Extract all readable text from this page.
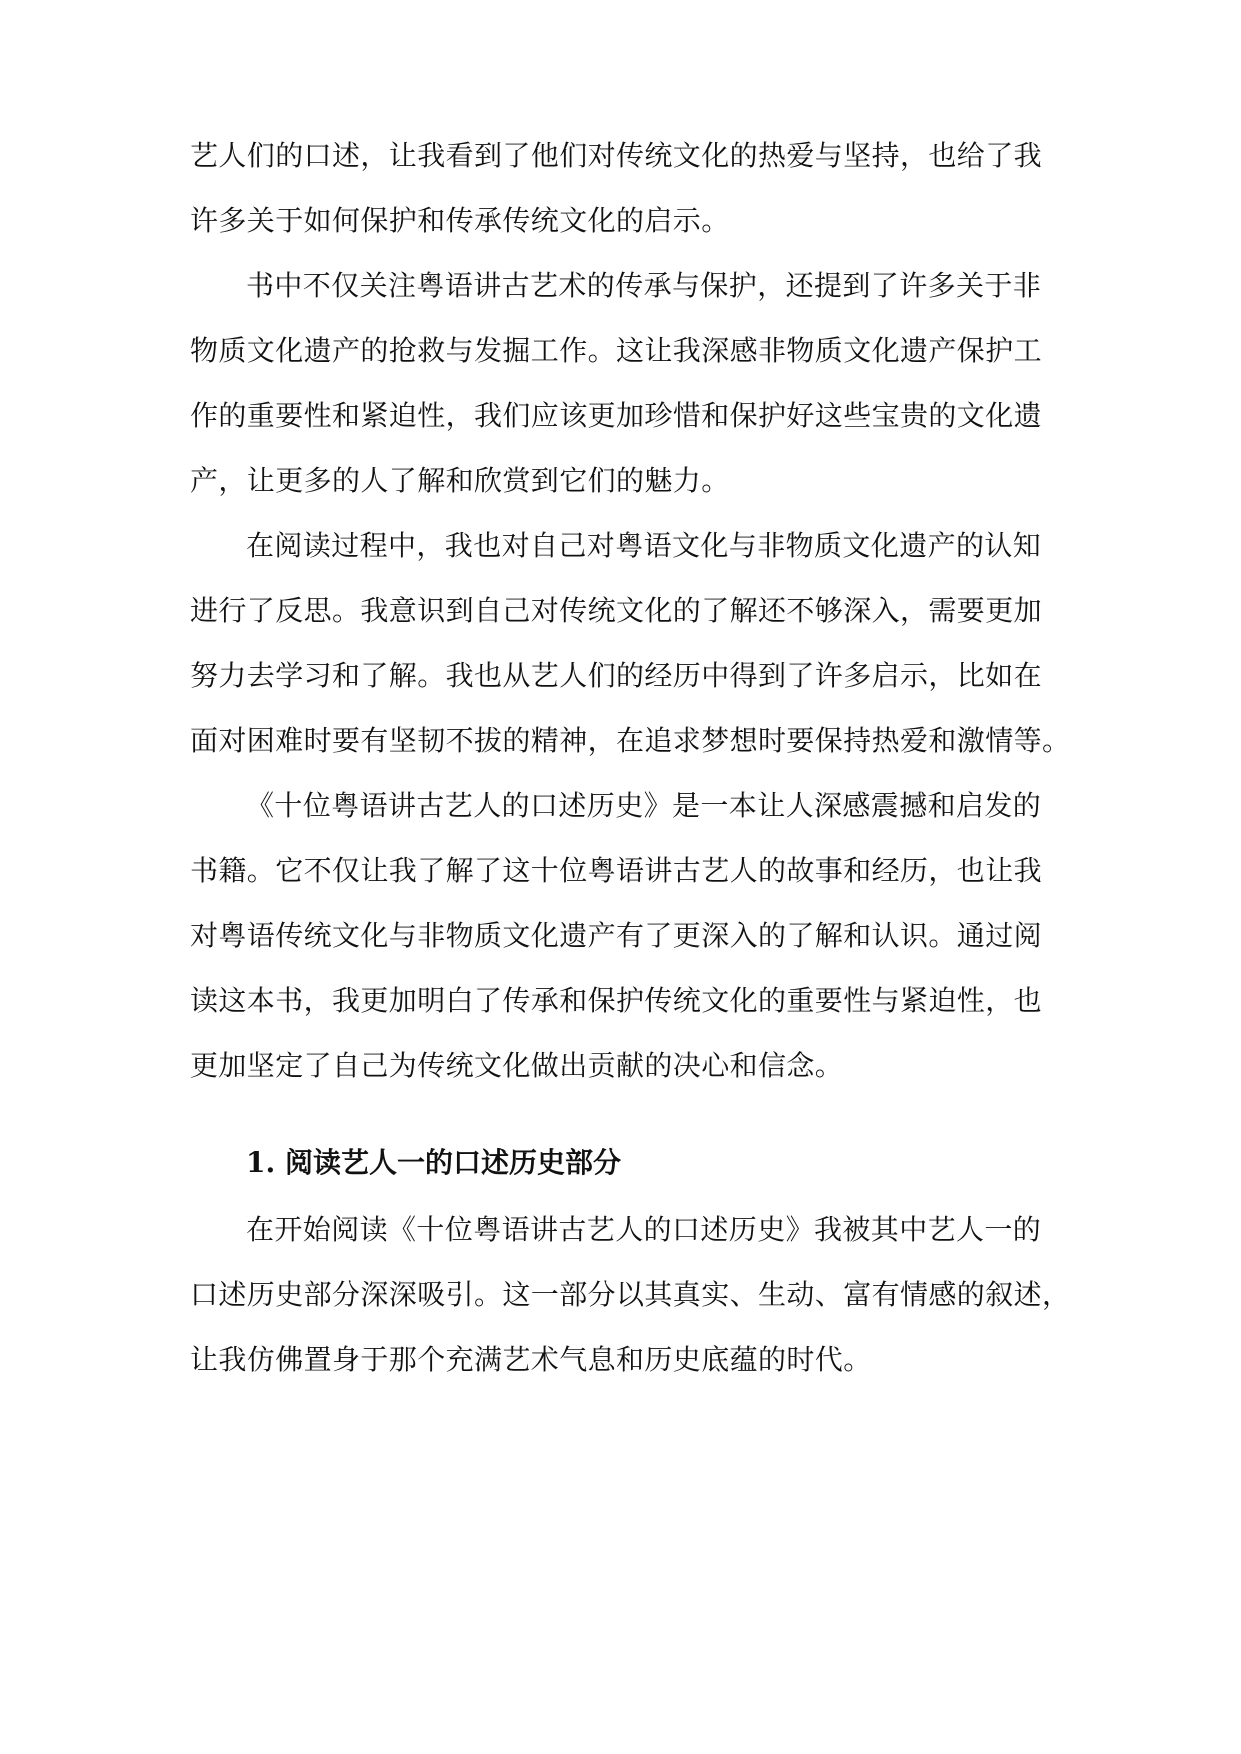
艺人们的口述，让我看到了他们对传统文化的热爱与坚持，也给了我
许多关于如何保护和传承传统文化的启示。
书中不仅关注粤语讲古艺术的传承与保护，还提到了许多关于非
物质文化遗产的抢救与发掘工作。这让我深感非物质文化遗产保护工
作的重要性和紧迫性，我们应该更加珍惜和保护好这些宝贵的文化遗
产，让更多的人了解和欣赏到它们的魅力。
在阅读过程中，我也对自己对粤语文化与非物质文化遗产的认知
进行了反思。我意识到自己对传统文化的了解还不够深入，需要更加
努力去学习和了解。我也从艺人们的经历中得到了许多启示，比如在
面对困难时要有坚韧不拔的精神，在追求梦想时要保持热爱和激情等。
《十位粤语讲古艺人的口述历史》是一本让人深感震撼和启发的
书籍。它不仅让我了解了这十位粤语讲古艺人的故事和经历，也让我
对粤语传统文化与非物质文化遗产有了更深入的了解和认识。通过阅
读这本书，我更加明白了传承和保护传统文化的重要性与紧迫性，也
更加坚定了自己为传统文化做出贡献的决心和信念。
1. 阅读艺人一的口述历史部分
在开始阅读《十位粤语讲古艺人的口述历史》我被其中艺人一的
口述历史部分深深吸引。这一部分以其真实、生动、富有情感的叙述，
让我仿佛置身于那个充满艺术气息和历史底蕴的时代。
